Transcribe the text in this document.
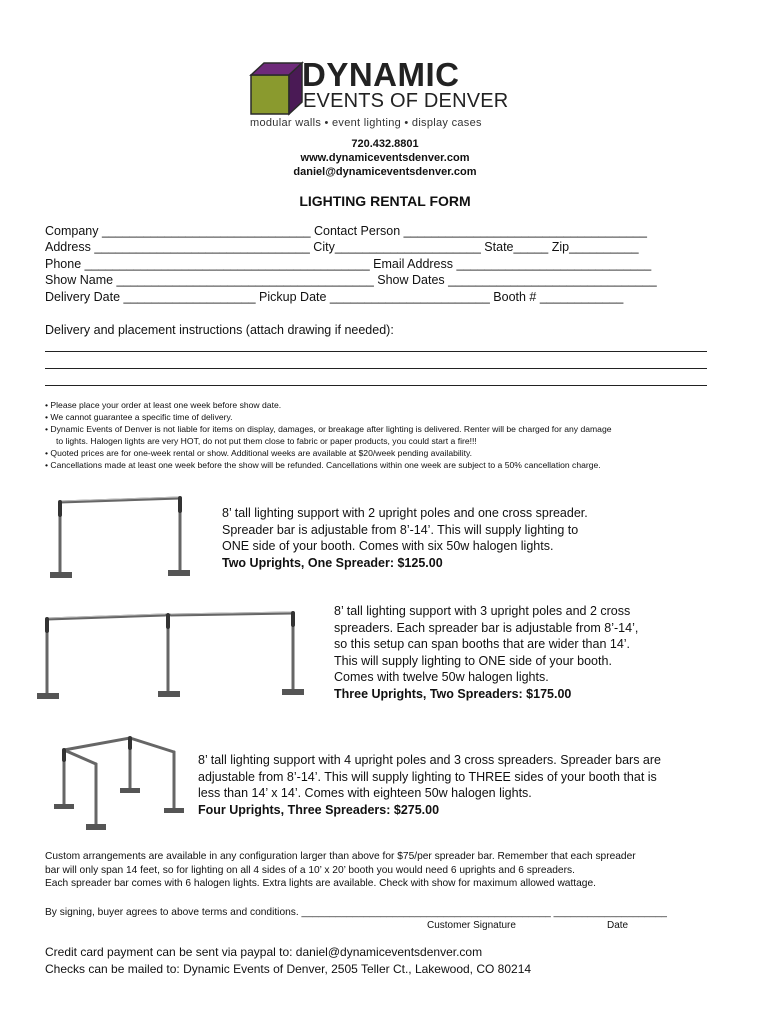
DYNAMIC
EVENTS OF DENVER
modular walls • event lighting • display cases
720.432.8801
www.dynamiceventsdenver.com
daniel@dynamiceventsdenver.com
LIGHTING RENTAL FORM
Company ______________________________ Contact Person ___________________________________
Address _______________________________ City_____________________ State_____ Zip__________
Phone _________________________________________ Email Address ____________________________
Show Name _____________________________________ Show Dates ______________________________
Delivery Date ___________________ Pickup Date _______________________ Booth # ____________
Delivery and placement instructions (attach drawing if needed):
• Please place your order at least one week before show date.
• We cannot guarantee a specific time of delivery.
• Dynamic Events of Denver is not liable for items on display, damages, or breakage after lighting is delivered. Renter will be charged for any damage
to lights. Halogen lights are very HOT, do not put them close to fabric or paper products, you could start a fire!!!
• Quoted prices are for one-week rental or show. Additional weeks are available at $20/week pending availability.
• Cancellations made at least one week before the show will be refunded. Cancellations within one week are subject to a 50% cancellation charge.
8’ tall lighting support with 2 upright poles and one cross spreader.
Spreader bar is adjustable from 8’-14’. This will supply lighting to
ONE side of your booth. Comes with six 50w halogen lights.
Two Uprights, One Spreader: $125.00
8’ tall lighting support with 3 upright poles and 2 cross
spreaders. Each spreader bar is adjustable from 8’-14’,
so this setup can span booths that are wider than 14’.
This will supply lighting to ONE side of your booth.
Comes with twelve 50w halogen lights.
Three Uprights, Two Spreaders: $175.00
8’ tall lighting support with 4 upright poles and 3 cross spreaders. Spreader bars are
adjustable from 8’-14’. This will supply lighting to THREE sides of your booth that is
less than 14’ x 14’. Comes with eighteen 50w halogen lights.
Four Uprights, Three Spreaders: $275.00
Custom arrangements are available in any configuration larger than above for $75/per spreader bar. Remember that each spreader
bar will only span 14 feet, so for lighting on all 4 sides of a 10’ x 20’ booth you would need 6 uprights and 6 spreaders.
Each spreader bar comes with 6 halogen lights. Extra lights are available. Check with show for maximum allowed wattage.
By signing, buyer agrees to above terms and conditions. ____________________________________________ ____________________
Customer Signature	Date
Credit card payment can be sent via paypal to: daniel@dynamiceventsdenver.com
Checks can be mailed to: Dynamic Events of Denver, 2505 Teller Ct., Lakewood, CO 80214
